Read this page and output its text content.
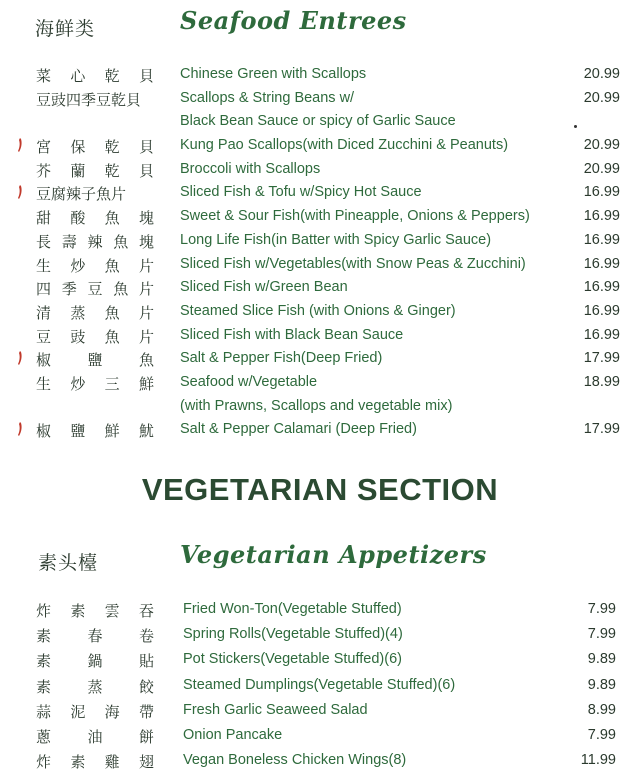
海鲜类	Seafood Entrees
菜 心 乾 貝 Chinese Green with Scallops	20.99
豆豉四季豆乾貝	Scallops & String Beans w/	20.99
Black Bean Sauce or spicy of Garlic Sauce
宮 保 乾 貝 Kung Pao Scallops(with Diced Zucchini & Peanuts)	20.99
芥 蘭 乾 貝 Broccoli with Scallops	20.99
豆腐辣子魚片	Sliced Fish & Tofu w/Spicy Hot Sauce	16.99
甜 酸 魚 塊 Sweet & Sour Fish(with Pineapple, Onions & Peppers)	16.99
長 壽 辣 魚 塊 Long Life Fish(in Batter with Spicy Garlic Sauce)	16.99
生 炒 魚 片 Sliced Fish w/Vegetables(with Snow Peas & Zucchini)	16.99
四 季 豆 魚 片 Sliced Fish w/Green Bean	16.99
清 蒸 魚 片 Steamed Slice Fish (with Onions & Ginger)	16.99
豆 豉 魚 片 Sliced Fish with Black Bean Sauce	16.99
椒 鹽 魚 Salt & Pepper Fish(Deep Fried)	17.99
生 炒 三 鮮 Seafood w/Vegetable	18.99
(with Prawns, Scallops and vegetable mix)
椒 鹽 鮮 魷 Salt & Pepper Calamari (Deep Fried)	17.99
VEGETARIAN SECTION
素头檯	Vegetarian Appetizers
炸 素 雲 吞 Fried Won-Ton(Vegetable Stuffed)	7.99
素 春 卷 Spring Rolls(Vegetable Stuffed)(4)	7.99
素 鍋 貼 Pot Stickers(Vegetable Stuffed)(6)	9.89
素 蒸 餃 Steamed Dumplings(Vegetable Stuffed)(6)	9.89
蒜 泥 海 帶 Fresh Garlic Seaweed Salad	8.99
蔥 油 餅 Onion Pancake	7.99
炸 素 雞 翅 Vegan Boneless Chicken Wings(8)	11.99
